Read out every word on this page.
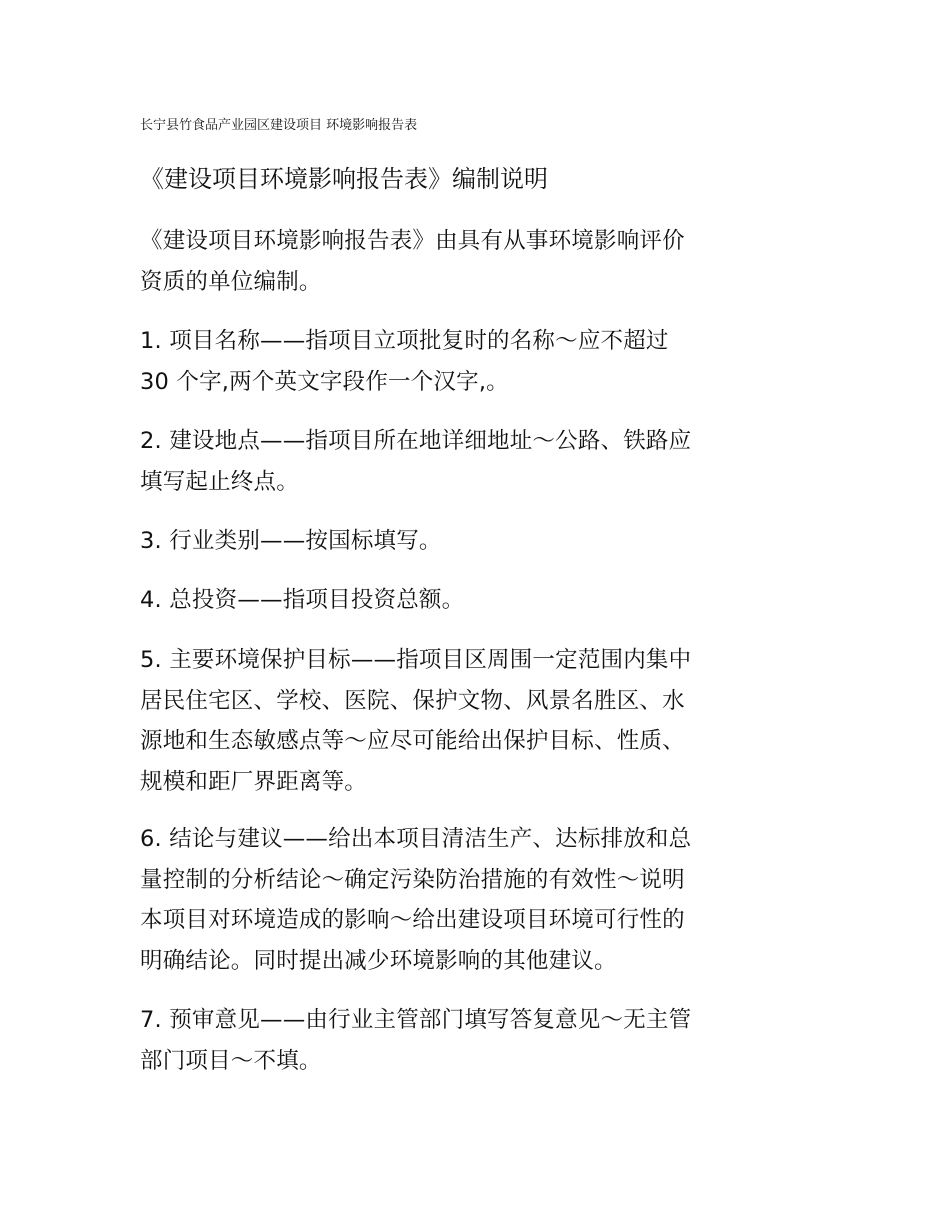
长宁县竹食品产业园区建设项目 环境影响报告表
《建设项目环境影响报告表》编制说明
《建设项目环境影响报告表》由具有从事环境影响评价
资质的单位编制。
1. 项目名称——指项目立项批复时的名称～应不超过
30 个字,两个英文字段作一个汉字,。
2. 建设地点——指项目所在地详细地址～公路、铁路应
填写起止终点。
3. 行业类别——按国标填写。
4. 总投资——指项目投资总额。
5. 主要环境保护目标——指项目区周围一定范围内集中
居民住宅区、学校、医院、保护文物、风景名胜区、水
源地和生态敏感点等～应尽可能给出保护目标、性质、
规模和距厂界距离等。
6. 结论与建议——给出本项目清洁生产、达标排放和总
量控制的分析结论～确定污染防治措施的有效性～说明
本项目对环境造成的影响～给出建设项目环境可行性的
明确结论。同时提出减少环境影响的其他建议。
7. 预审意见——由行业主管部门填写答复意见～无主管
部门项目～不填。
